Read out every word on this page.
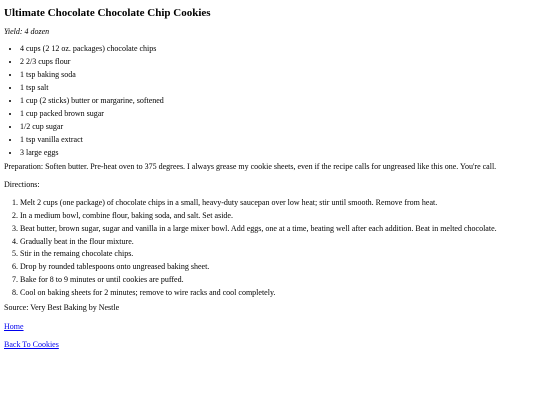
Ultimate Chocolate Chocolate Chip Cookies
Yield: 4 dozen
• 4 cups (2 12 oz. packages) chocolate chips
• 2 2/3 cups flour
• 1 tsp baking soda
• 1 tsp salt
• 1 cup (2 sticks) butter or margarine, softened
• 1 cup packed brown sugar
• 1/2 cup sugar
• 1 tsp vanilla extract
• 3 large eggs

Preparation: Soften butter. Pre-heat oven to 375 degrees. I always grease my cookie sheets, even if the recipe calls for ungreased like this one. You're call.

Directions:

1. Melt 2 cups (one package) of chocolate chips in a small, heavy-duty saucepan over low heat; stir until smooth. Remove from heat.
2. In a medium bowl, combine flour, baking soda, and salt. Set aside.
3. Beat butter, brown sugar, sugar and vanilla in a large mixer bowl. Add eggs, one at a time, beating well after each addition. Beat in melted chocolate.
4. Gradually beat in the flour mixture.
5. Stir in the remaing chocolate chips.
6. Drop by rounded tablespoons onto ungreased baking sheet.
7. Bake for 8 to 9 minutes or until cookies are puffed.
8. Cool on baking sheets for 2 minutes; remove to wire racks and cool completely.
Source: Very Best Baking by Nestle
Home
Back To Cookies
